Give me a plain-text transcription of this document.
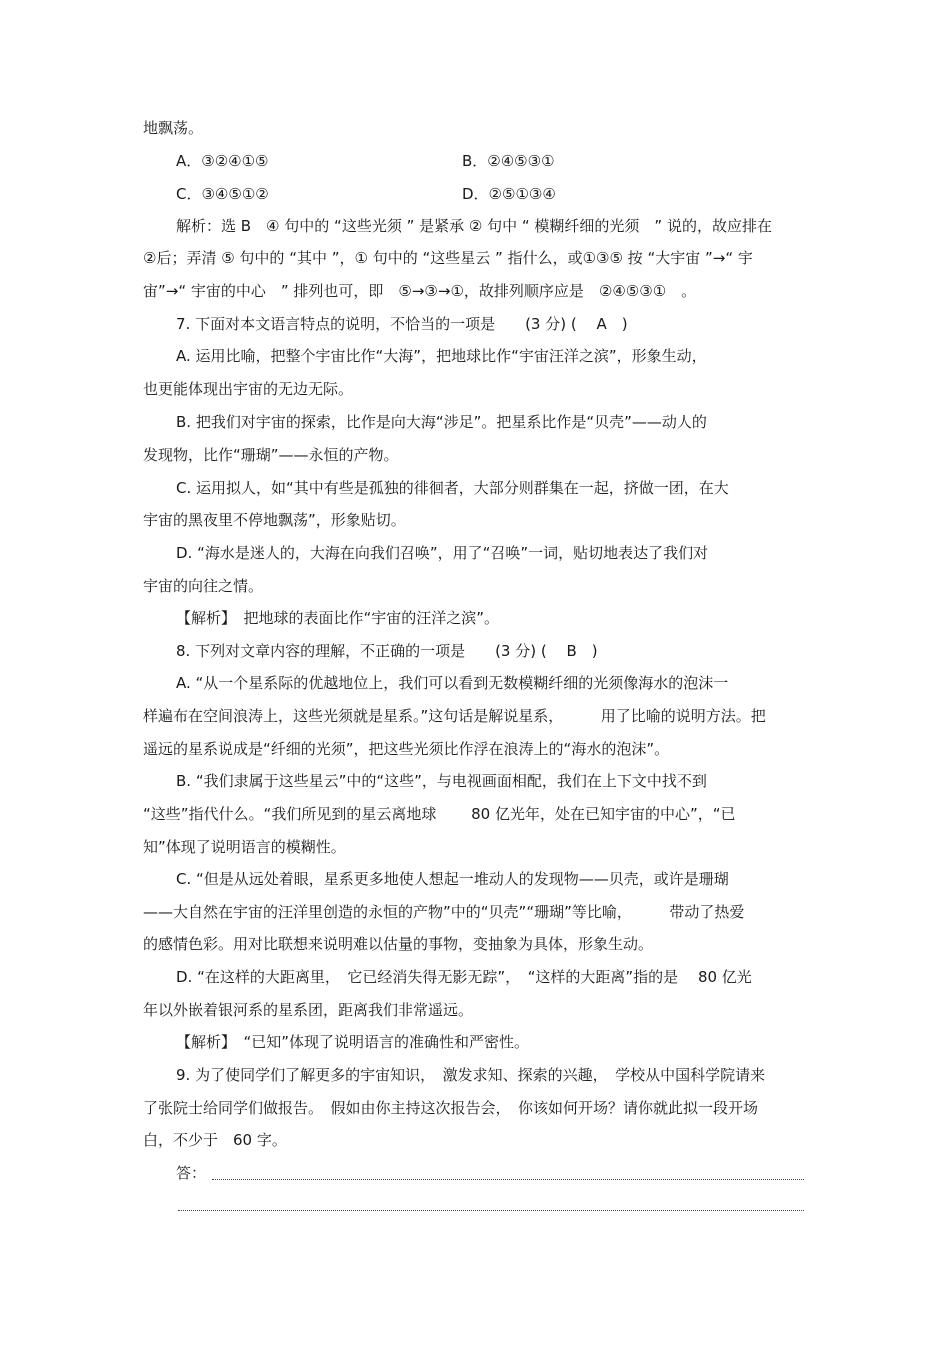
地飘荡。
A．③②④①⑤	B．②④⑤③①
C．③④⑤①②	D．②⑤①③④
解析：选 B　④ 句中的 “这些光须 ” 是紧承 ② 句中 “ 模糊纤细的光须　” 说的，故应排在
②后；弄清 ⑤ 句中的 “其中 ”，① 句中的 “这些星云 ” 指什么，或①③⑤ 按 “大宇宙 ”→“ 宇
宙”→“ 宇宙的中心　” 排列也可，即　⑤→③→①，故排列顺序应是　②④⑤③①　。
7. 下面对本文语言特点的说明，不恰当的一项是　　(3 分) (　 A　)
A. 运用比喻，把整个宇宙比作“大海”，把地球比作“宇宙汪洋之滨”，形象生动，
也更能体现出宇宙的无边无际。
B. 把我们对宇宙的探索，比作是向大海“涉足”。把星系比作是“贝壳”——动人的
发现物，比作“珊瑚”——永恒的产物。
C. 运用拟人，如“其中有些是孤独的徘徊者，大部分则群集在一起，挤做一团，在大
宇宙的黑夜里不停地飘荡”，形象贴切。
D. “海水是迷人的，大海在向我们召唤”，用了“召唤”一词，贴切地表达了我们对
宇宙的向往之情。
【解析】　把地球的表面比作“宇宙的汪洋之滨”。
8. 下列对文章内容的理解，不正确的一项是　　(3 分) (　 B　)
A. “从一个星系际的优越地位上，我们可以看到无数模糊纤细的光须像海水的泡沫一
样遍布在空间浪涛上，这些光须就是星系。”这句话是解说星系，　　　用了比喻的说明方法。把
遥远的星系说成是“纤细的光须”，把这些光须比作浮在浪涛上的“海水的泡沫”。
B. “我们隶属于这些星云”中的“这些”，与电视画面相配，我们在上下文中找不到
“这些”指代什么。“我们所见到的星云离地球　　 80 亿光年，处在已知宇宙的中心”，“已
知”体现了说明语言的模糊性。
C. “但是从远处着眼，星系更多地使人想起一堆动人的发现物——贝壳，或许是珊瑚
——大自然在宇宙的汪洋里创造的永恒的产物”中的“贝壳”“珊瑚”等比喻，　　　带动了热爱
的感情色彩。用对比联想来说明难以估量的事物，变抽象为具体，形象生动。
D. “在这样的大距离里，　它已经消失得无影无踪”，　“这样的大距离”指的是　 80 亿光
年以外嵌着银河系的星系团，距离我们非常遥远。
【解析】　“已知”体现了说明语言的准确性和严密性。
9. 为了使同学们了解更多的宇宙知识，　激发求知、探索的兴趣，　学校从中国科学院请来
了张院士给同学们做报告。　假如由你主持这次报告会，　你该如何开场？请你就此拟一段开场
白，不少于　60 字。
答：
